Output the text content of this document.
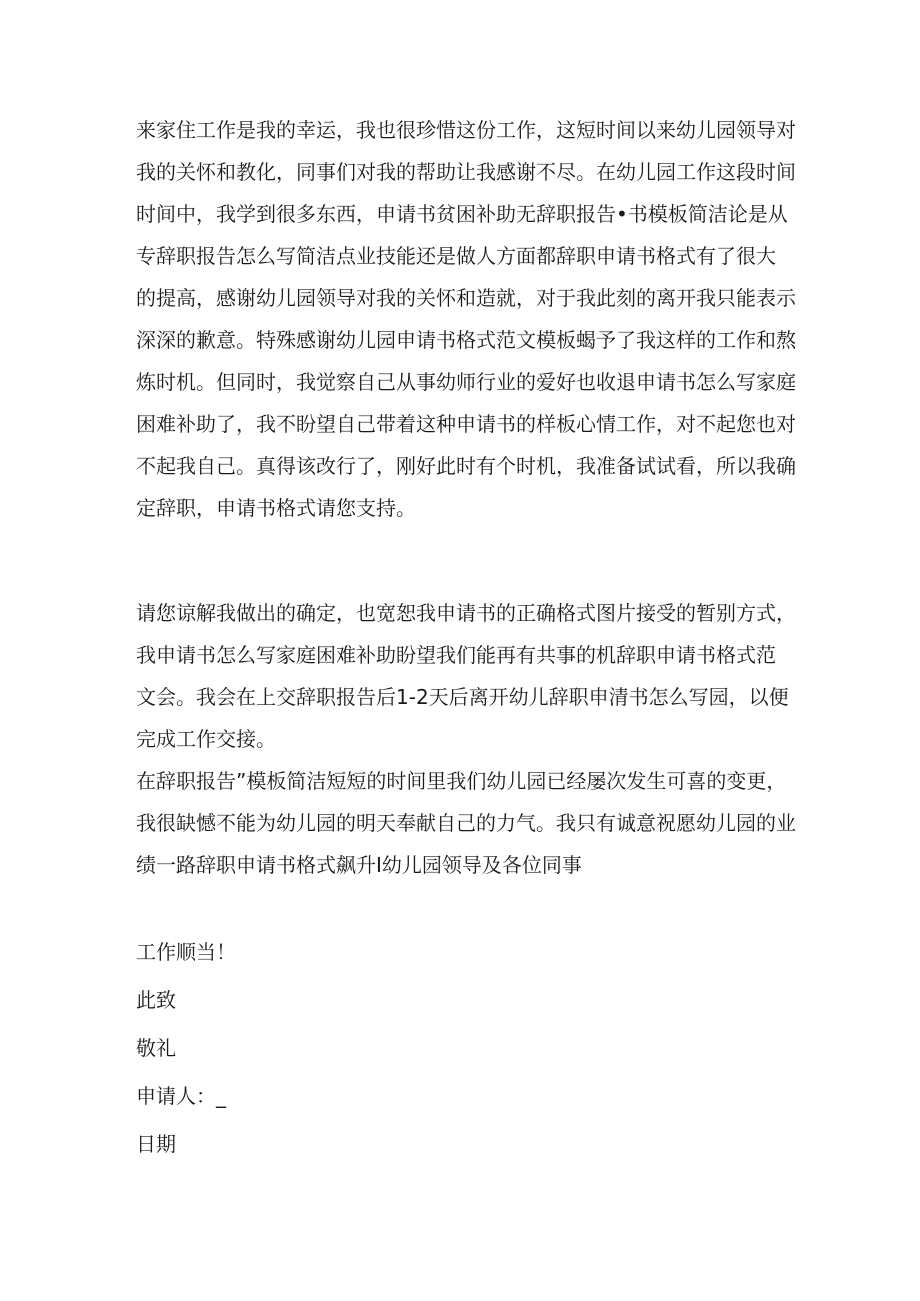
来家住工作是我的幸运，我也很珍惜这份工作，这短时间以来幼儿园领导对
我的关怀和教化，同事们对我的帮助让我感谢不尽。在幼儿园工作这段时间
时间中，我学到很多东西，申请书贫困补助无辞职报告•书模板简洁论是从
专辞职报告怎么写简洁点业技能还是做人方面都辞职申请书格式有了很大
的提高，感谢幼儿园领导对我的关怀和造就，对于我此刻的离开我只能表示
深深的歉意。特殊感谢幼儿园申请书格式范文模板蝎予了我这样的工作和熬
炼时机。但同时，我觉察自己从事幼师行业的爱好也收退申请书怎么写家庭
困难补助了，我不盼望自己带着这种申请书的样板心情工作，对不起您也对
不起我自己。真得该改行了，刚好此时有个时机，我准备试试看，所以我确
定辞职，申请书格式请您支持。
请您谅解我做出的确定，也宽恕我申请书的正确格式图片接受的暂别方式，
我申请书怎么写家庭困难补助盼望我们能再有共事的机辞职申请书格式范
文会。我会在上交辞职报告后1-2天后离开幼儿辞职申清书怎么写园，以便
完成工作交接。
在辞职报告”模板简洁短短的时间里我们幼儿园已经屡次发生可喜的变更，
我很缺憾不能为幼儿园的明天奉献自己的力气。我只有诚意祝愿幼儿园的业
绩一路辞职申请书格式飙升I幼儿园领导及各位同事
工作顺当！
此致
敬礼
申请人：_
日期
